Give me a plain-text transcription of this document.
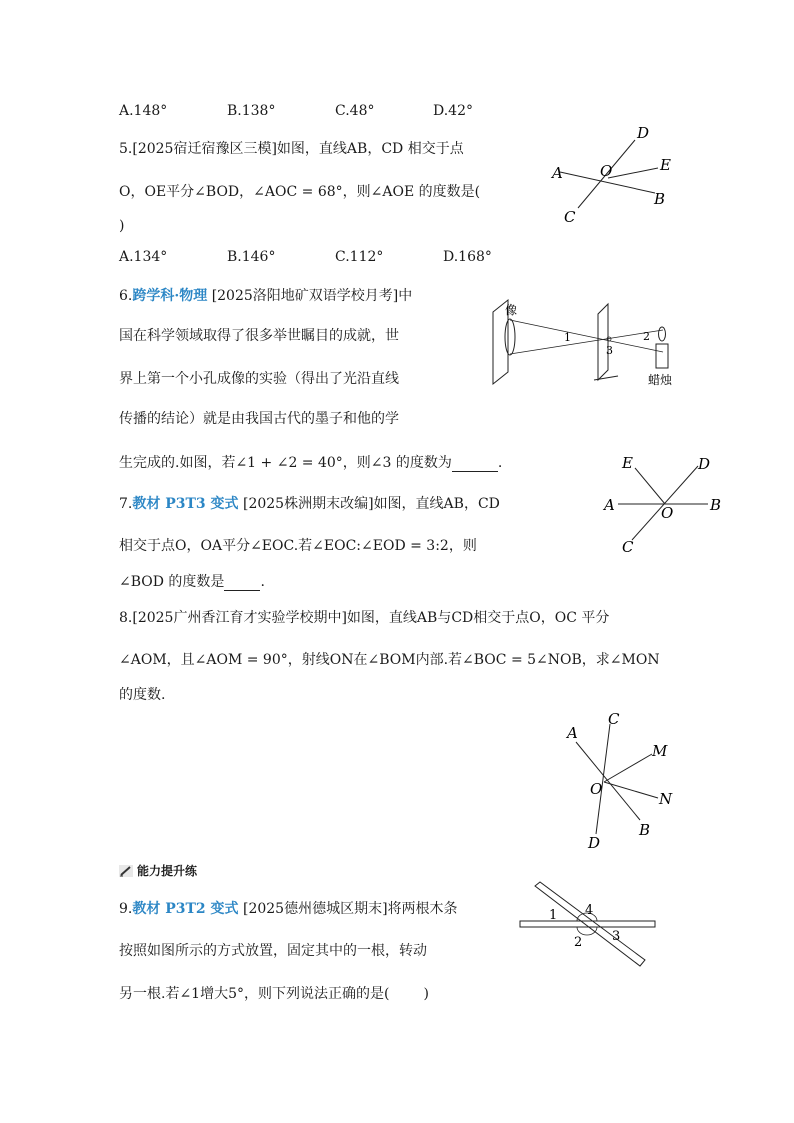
A.148°	B.138°	C.48°	D.42°
5.[2025宿迁宿豫区三模]如图，直线AB，CD 相交于点
O，OE平分∠BOD，∠AOC = 68°，则∠AOE 的度数是(
)
A.134°	B.146°	C.112°	D.168°
D
A O	E
B
C
6.跨学科·物理 [2025洛阳地矿双语学校月考]中
国在科学领域取得了很多举世瞩目的成就，世
界上第一个小孔成像的实验（得出了光沿直线
传播的结论）就是由我国古代的墨子和他的学
生完成的.如图，若∠1 + ∠2 = 40°，则∠3 的度数为	.
像
1	2
3
蜡烛
7.教材 P3T3 变式 [2025株洲期末改编]如图，直线AB，CD
相交于点O，OA平分∠EOC.若∠EOC:∠EOD = 3:2，则
∠BOD 的度数是	.
E	D
A	O B
C
8.[2025广州香江育才实验学校期中]如图，直线AB与CD相交于点O，OC 平分
∠AOM，且∠AOM = 90°，射线ON在∠BOM内部.若∠BOC = 5∠NOB，求∠MON
的度数.
A
C
M
O
N
B
D
能力提升练
9.教材 P3T2 变式 [2025德州德城区期末]将两根木条
按照如图所示的方式放置，固定其中的一根，转动
另一根.若∠1增大5°，则下列说法正确的是( )
1 4
2 3
